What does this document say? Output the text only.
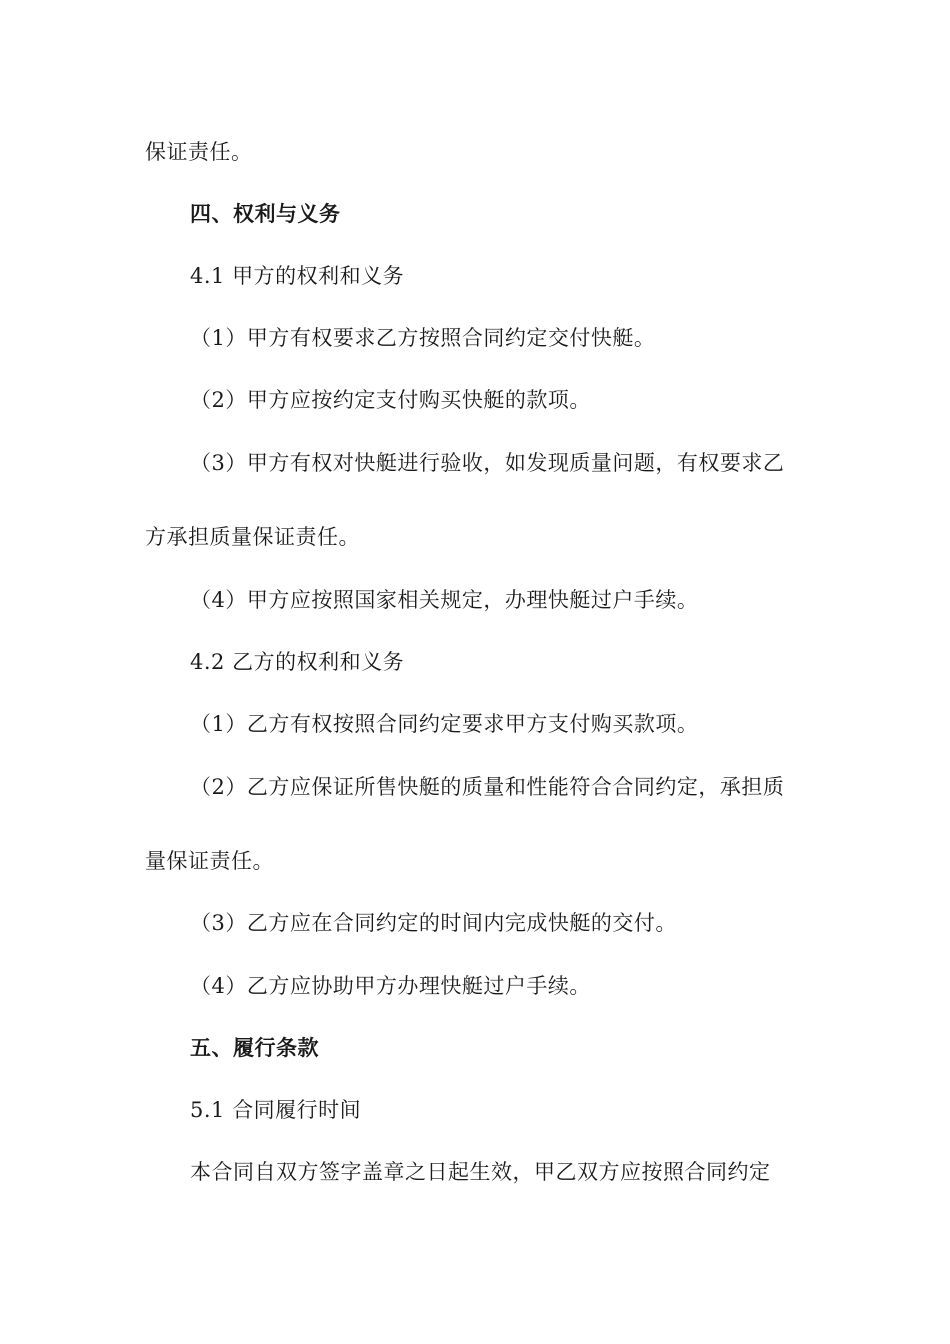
保证责任。
四、权利与义务
4.1 甲方的权利和义务
（1）甲方有权要求乙方按照合同约定交付快艇。
（2）甲方应按约定支付购买快艇的款项。
（3）甲方有权对快艇进行验收，如发现质量问题，有权要求乙
方承担质量保证责任。
（4）甲方应按照国家相关规定，办理快艇过户手续。
4.2 乙方的权利和义务
（1）乙方有权按照合同约定要求甲方支付购买款项。
（2）乙方应保证所售快艇的质量和性能符合合同约定，承担质
量保证责任。
（3）乙方应在合同约定的时间内完成快艇的交付。
（4）乙方应协助甲方办理快艇过户手续。
五、履行条款
5.1 合同履行时间
本合同自双方签字盖章之日起生效，甲乙双方应按照合同约定
